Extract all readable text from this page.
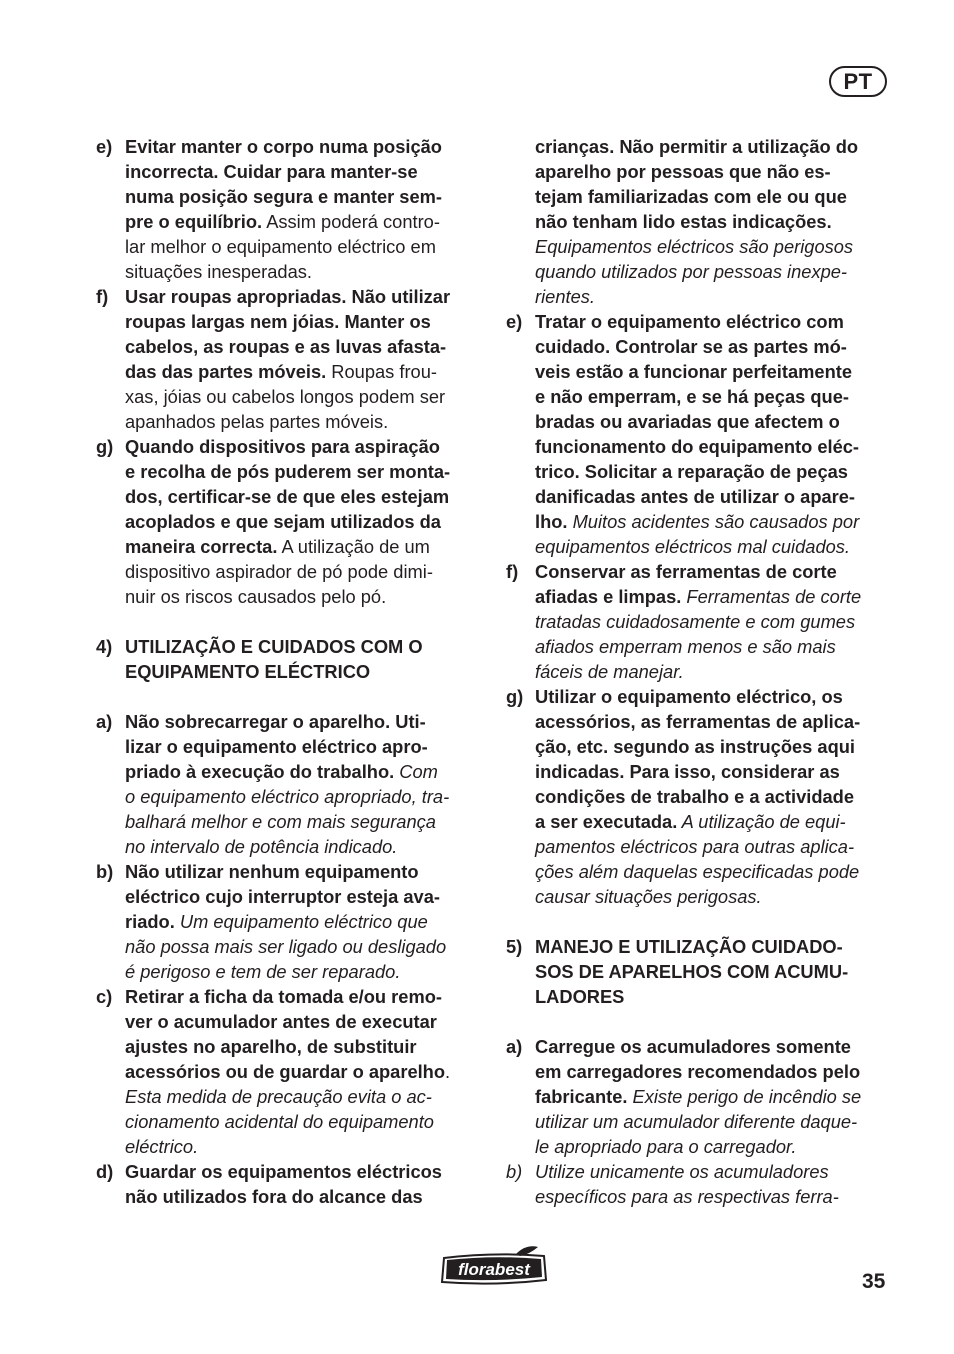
PT
e) Evitar manter o corpo numa posição
incorrecta. Cuidar para manter-se
numa posição segura e manter sem-
pre o equilíbrio. Assim poderá contro-
lar melhor o equipamento eléctrico em
situações inesperadas.
f) Usar roupas apropriadas. Não utilizar
roupas largas nem jóias. Manter os
cabelos, as roupas e as luvas afasta-
das das partes móveis. Roupas frou-
xas, jóias ou cabelos longos podem ser
apanhados pelas partes móveis.
g) Quando dispositivos para aspiração
e recolha de pós puderem ser monta-
dos, certificar-se de que eles estejam
acoplados e que sejam utilizados da
maneira correcta. A utilização de um
dispositivo aspirador de pó pode dimi-
nuir os riscos causados pelo pó.
4) UTILIZAÇÃO E CUIDADOS COM O
EQUIPAMENTO ELÉCTRICO
a) Não sobrecarregar o aparelho. Uti-
lizar o equipamento eléctrico apro-
priado à execução do trabalho. Com
o equipamento eléctrico apropriado, tra-
balhará melhor e com mais segurança
no intervalo de potência indicado.
b) Não utilizar nenhum equipamento
eléctrico cujo interruptor esteja ava-
riado. Um equipamento eléctrico que
não possa mais ser ligado ou desligado
é perigoso e tem de ser reparado.
c) Retirar a ficha da tomada e/ou remo-
ver o acumulador antes de executar
ajustes no aparelho, de substituir
acessórios ou de guardar o aparelho.
Esta medida de precaução evita o ac-
cionamento acidental do equipamento
eléctrico.
d) Guardar os equipamentos eléctricos
não utilizados fora do alcance das
crianças. Não permitir a utilização do
aparelho por pessoas que não es-
tejam familiarizadas com ele ou que
não tenham lido estas indicações.
Equipamentos eléctricos são perigosos
quando utilizados por pessoas inexpe-
rientes.
e) Tratar o equipamento eléctrico com
cuidado. Controlar se as partes mó-
veis estão a funcionar perfeitamente
e não emperram, e se há peças que-
bradas ou avariadas que afectem o
funcionamento do equipamento eléc-
trico. Solicitar a reparação de peças
danificadas antes de utilizar o apare-
lho. Muitos acidentes são causados por
equipamentos eléctricos mal cuidados.
f) Conservar as ferramentas de corte
afiadas e limpas. Ferramentas de corte
tratadas cuidadosamente e com gumes
afiados emperram menos e são mais
fáceis de manejar.
g) Utilizar o equipamento eléctrico, os
acessórios, as ferramentas de aplica-
ção, etc. segundo as instruções aqui
indicadas. Para isso, considerar as
condições de trabalho e a actividade
a ser executada. A utilização de equi-
pamentos eléctricos para outras aplica-
ções além daquelas especificadas pode
causar situações perigosas.
5) MANEJO E UTILIZAÇÃO CUIDADO-
SOS DE APARELHOS COM ACUMU-
LADORES
a) Carregue os acumuladores somente
em carregadores recomendados pelo
fabricante. Existe perigo de incêndio se
utilizar um acumulador diferente daque-
le apropriado para o carregador.
b) Utilize unicamente os acumuladores
específicos para as respectivas ferra-
florabest
35
